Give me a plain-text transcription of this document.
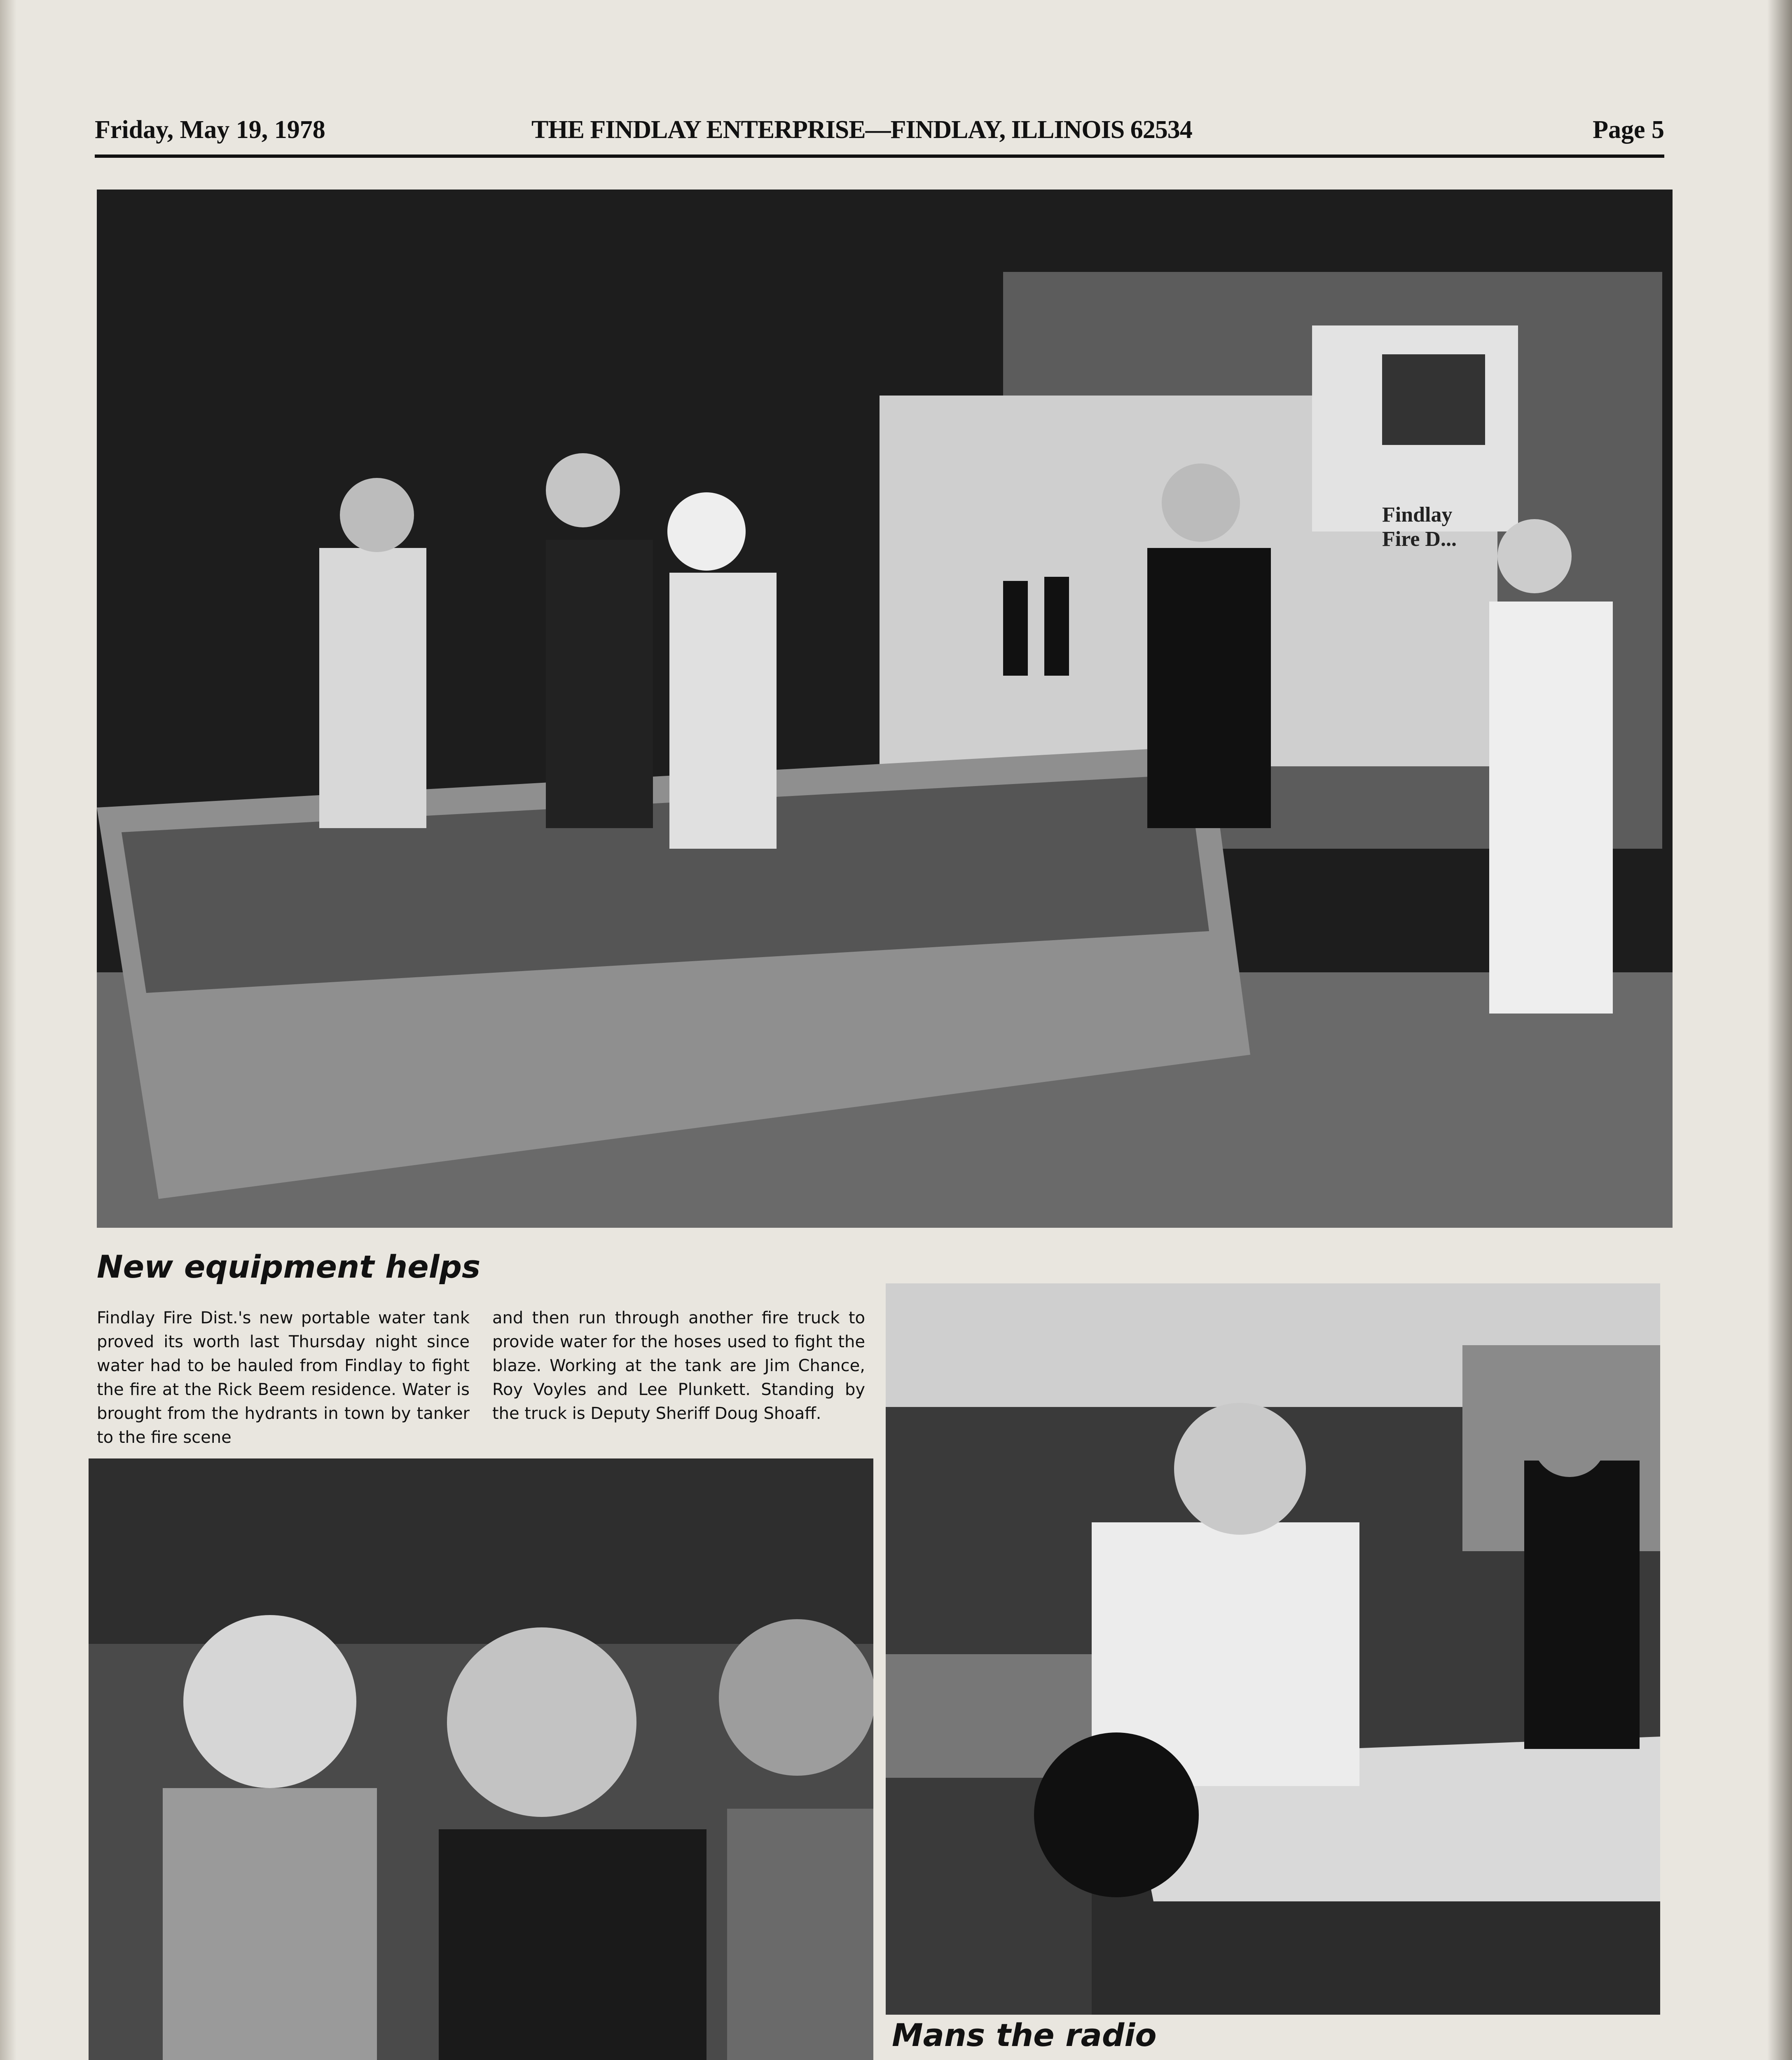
Friday, May 19, 1978	THE FINDLAY ENTERPRISE—FINDLAY, ILLINOIS 62534	Page 5
Findlay
Fire D...
New equipment helps
Findlay Fire Dist.'s new portable water tank proved its worth last Thursday night since water had to be hauled from Findlay to fight the fire at the Rick Beem residence. Water is brought from the hydrants in town by tanker to the fire scene
and then run through another fire truck to provide water for the hoses used to fight the blaze. Working at the tank are Jim Chance, Roy Voyles and Lee Plunkett. Standing by the truck is Deputy Sheriff Doug Shoaff.
Mans the radio
